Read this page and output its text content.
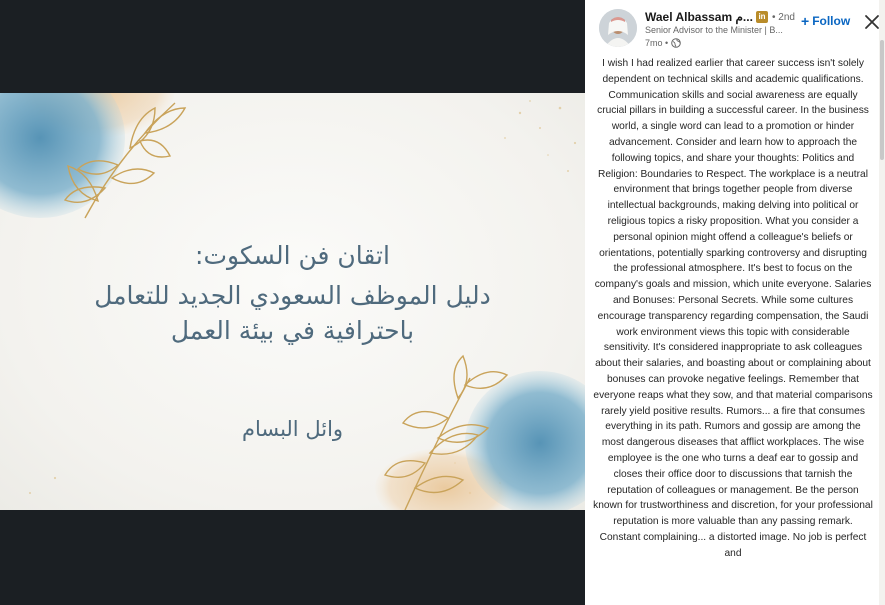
اتقان فن السكوت:
دليل الموظف السعودي الجديد للتعامل
باحترافية في بيئة العمل
وائل البسام
Wael Albassam م... in • 2nd + Follow
Senior Advisor to the Minister | B...
7mo •
I wish I had realized earlier that career success isn't solely dependent on technical skills and academic qualifications. Communication skills and social awareness are equally crucial pillars in building a successful career. In the business world, a single word can lead to a promotion or hinder advancement. Consider and learn how to approach the following topics, and share your thoughts: Politics and Religion: Boundaries to Respect. The workplace is a neutral environment that brings together people from diverse intellectual backgrounds, making delving into political or religious topics a risky proposition. What you consider a personal opinion might offend a colleague's beliefs or orientations, potentially sparking controversy and disrupting the professional atmosphere. It's best to focus on the company's goals and mission, which unite everyone. Salaries and Bonuses: Personal Secrets. While some cultures encourage transparency regarding compensation, the Saudi work environment views this topic with considerable sensitivity. It's considered inappropriate to ask colleagues about their salaries, and boasting about or complaining about bonuses can provoke negative feelings. Remember that everyone reaps what they sow, and that material comparisons rarely yield positive results. Rumors... a fire that consumes everything in its path. Rumors and gossip are among the most dangerous diseases that afflict workplaces. The wise employee is the one who turns a deaf ear to gossip and closes their office door to discussions that tarnish the reputation of colleagues or management. Be the person known for trustworthiness and discretion, for your professional reputation is more valuable than any passing remark. Constant complaining... a distorted image. No job is perfect and
